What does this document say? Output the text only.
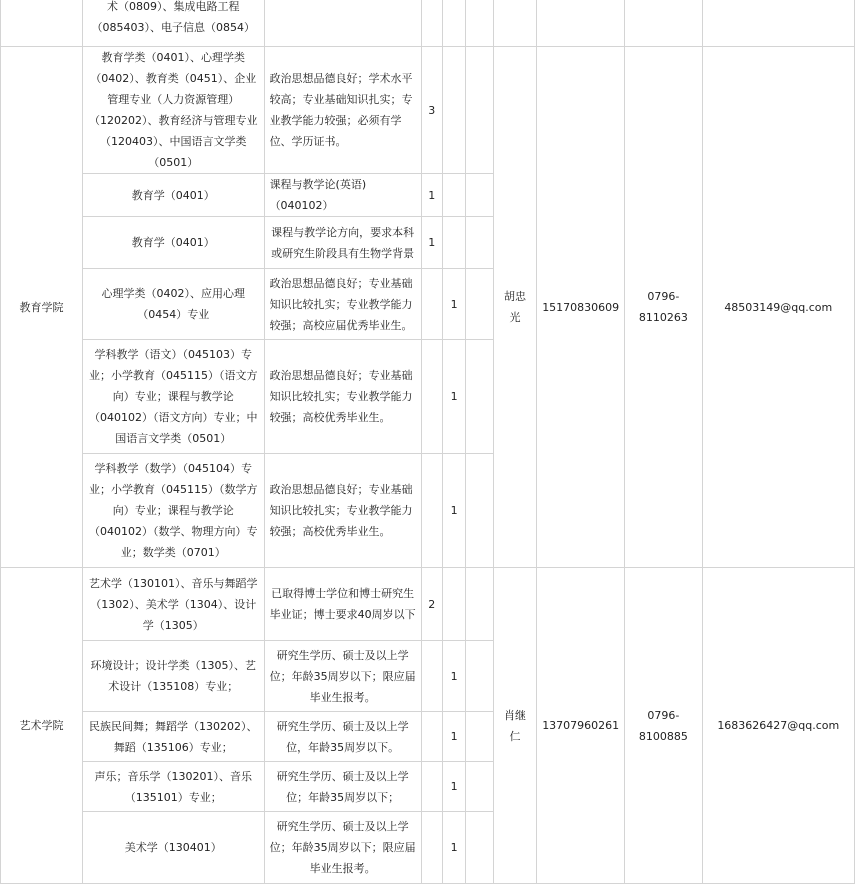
	术（0809）、集成电路工程（085403）、电子信息（0854）								
教育学院	教育学类（0401）、心理学类（0402）、教育类（0451）、企业管理专业（人力资源管理）（120202）、教育经济与管理专业（120403）、中国语言文学类（0501）	政治思想品德良好；学术水平较高；专业基础知识扎实；专业教学能力较强；必须有学位、学历证书。	3			胡忠光	15170830609	0796-8110263	48503149@qq.com
	教育学（0401）	课程与教学论(英语)（040102）	1						
	教育学（0401）	课程与教学论方向，要求本科或研究生阶段具有生物学背景	1						
	心理学类（0402）、应用心理（0454）专业	政治思想品德良好；专业基础知识比较扎实；专业教学能力较强；高校应届优秀毕业生。		1					
	学科教学（语文）（045103）专业；小学教育（045115）（语文方向）专业；课程与教学论（040102）（语文方向）专业；中国语言文学类（0501）	政治思想品德良好；专业基础知识比较扎实；专业教学能力较强；高校优秀毕业生。		1					
	学科教学（数学）（045104）专业；小学教育（045115）（数学方向）专业；课程与教学论（040102）（数学、物理方向）专业；数学类（0701）	政治思想品德良好；专业基础知识比较扎实；专业教学能力较强；高校优秀毕业生。		1					
艺术学院	艺术学（130101）、音乐与舞蹈学（1302）、美术学（1304）、设计学（1305）	已取得博士学位和博士研究生毕业证；博士要求40周岁以下	2			肖继仁	13707960261	0796-8100885	1683626427@qq.com
	环境设计；设计学类（1305）、艺术设计（135108）专业；	研究生学历、硕士及以上学位；年龄35周岁以下；限应届毕业生报考。		1					
	民族民间舞；舞蹈学（130202）、舞蹈（135106）专业；	研究生学历、硕士及以上学位，年龄35周岁以下。		1					
	声乐；音乐学（130201）、音乐（135101）专业；	研究生学历、硕士及以上学位；年龄35周岁以下；		1					
	美术学（130401）	研究生学历、硕士及以上学位；年龄35周岁以下；限应届毕业生报考。		1					
